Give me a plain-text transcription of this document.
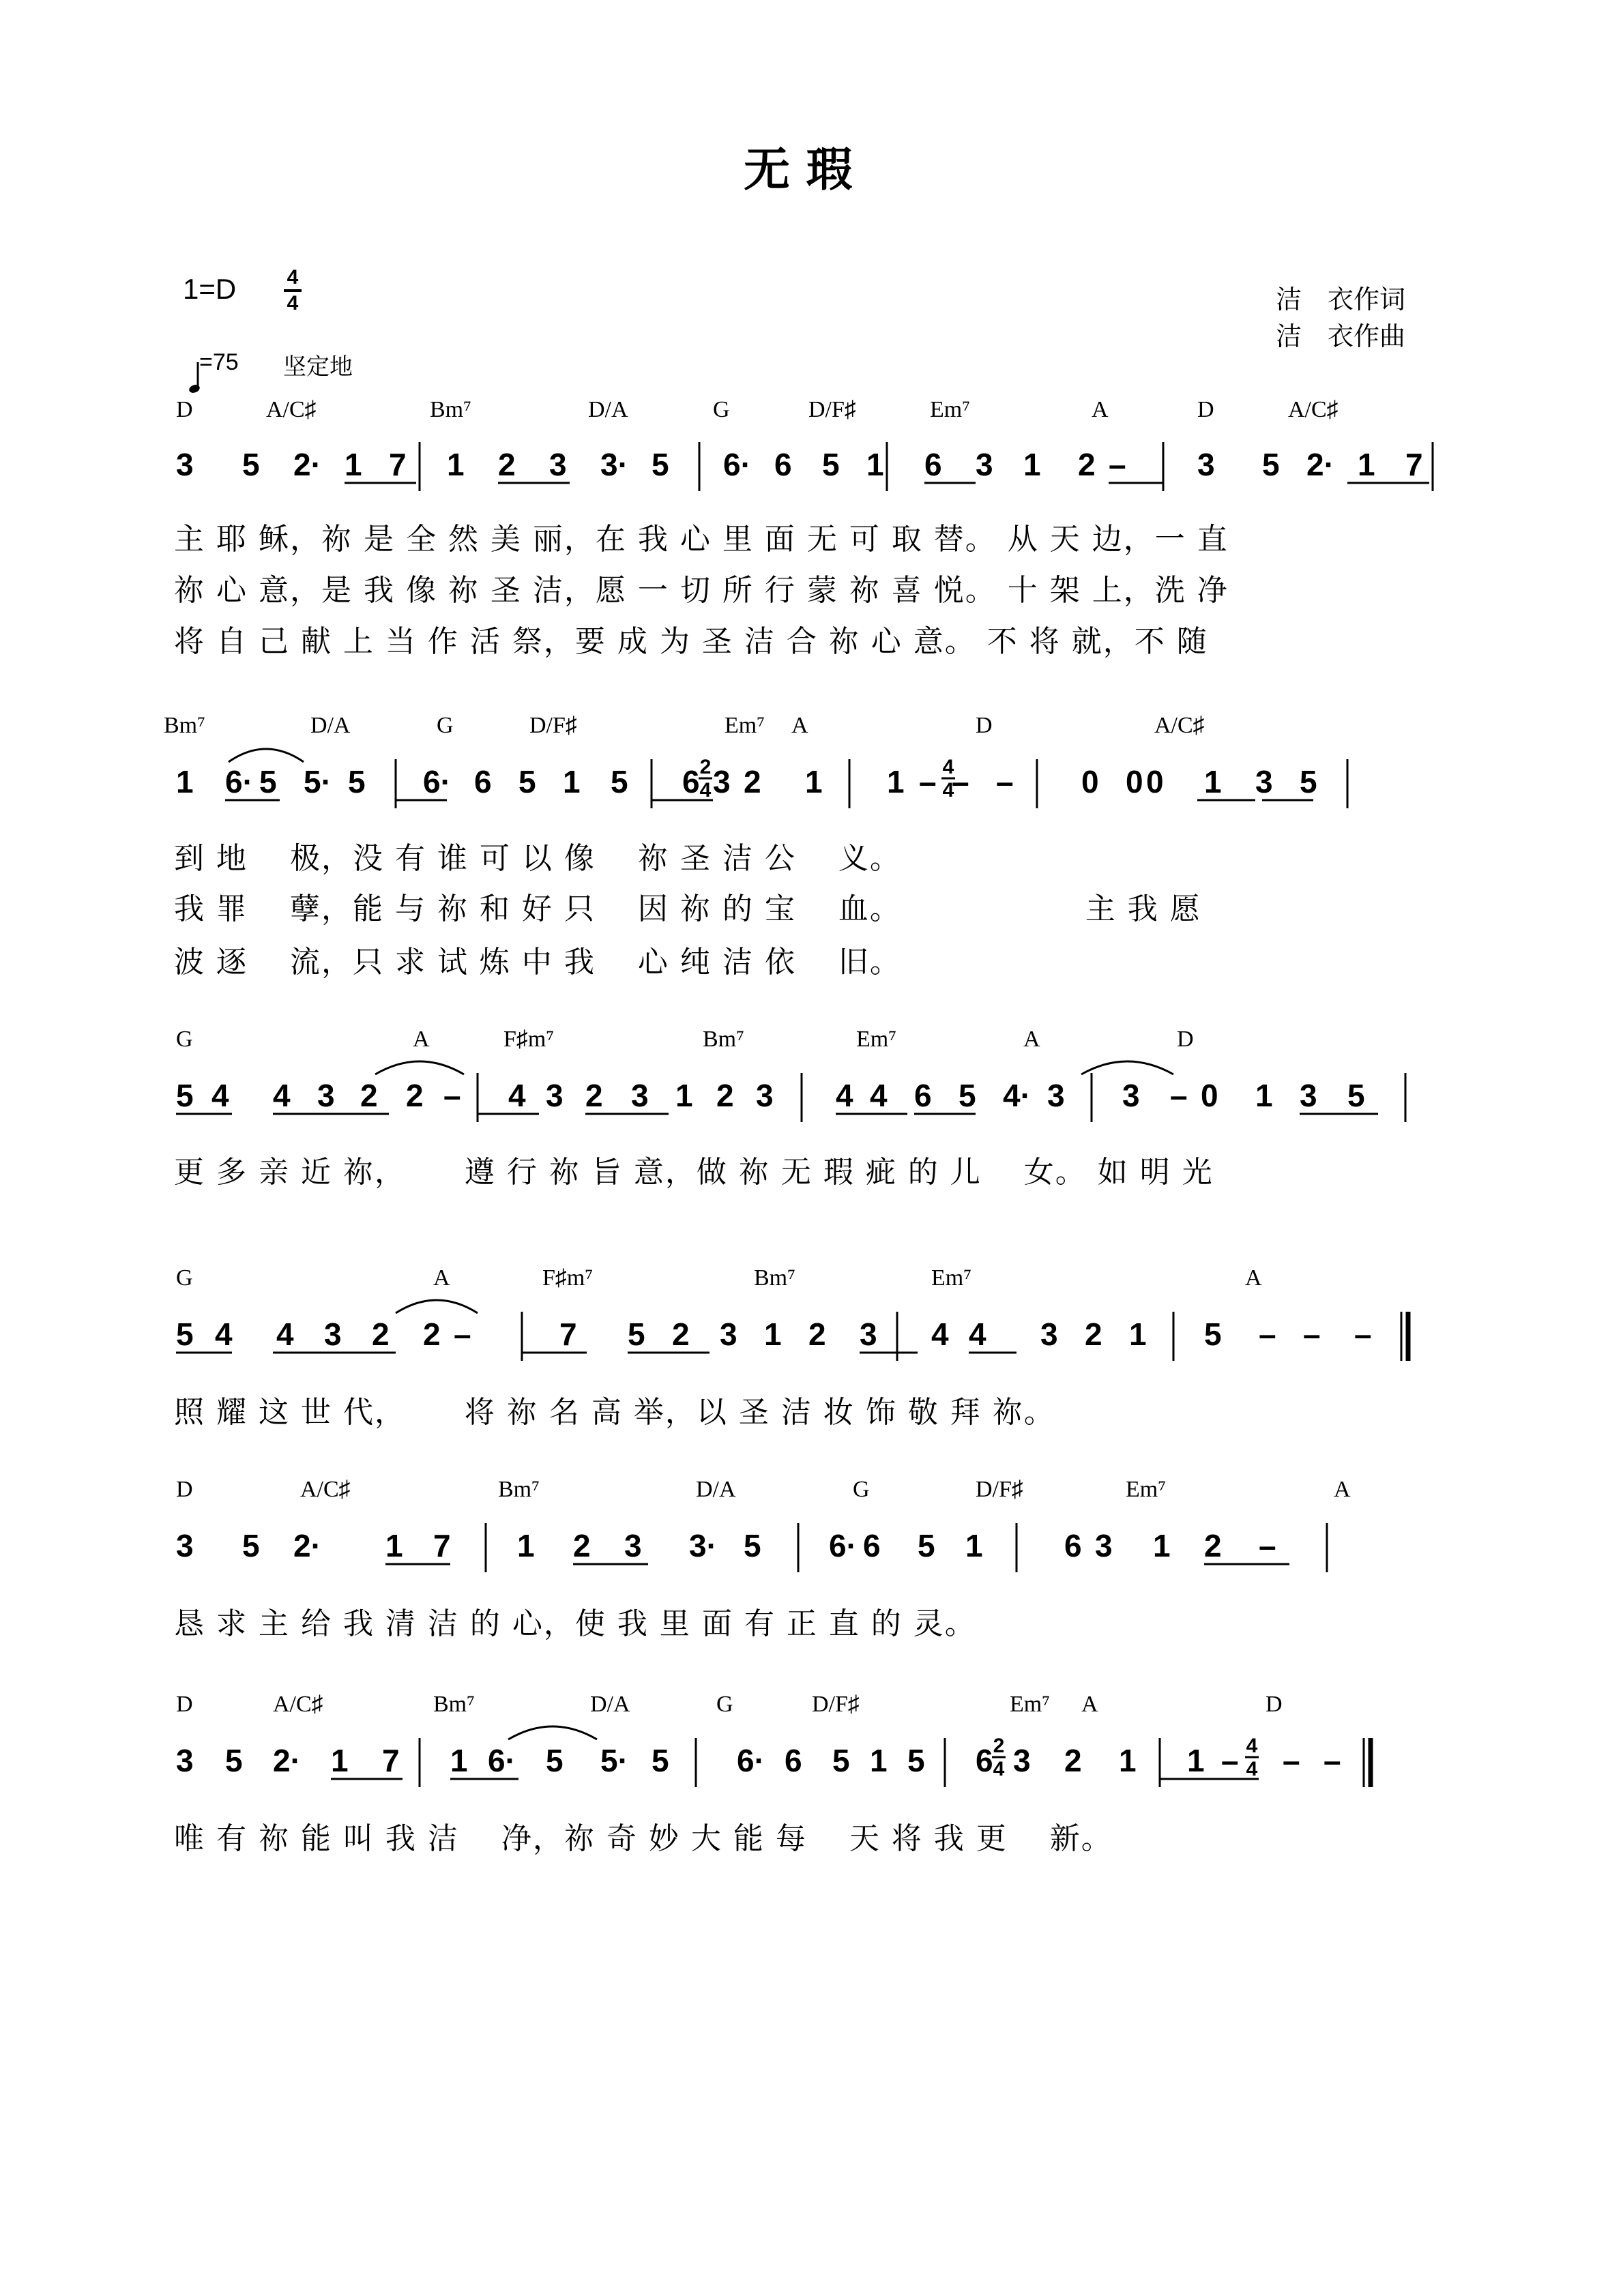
无 瑕
1=D 4
4

=75 坚定地
洁　衣作词
洁　衣作曲
D	A/C♯	Bm⁷	D/A	G	D/F♯	Em⁷	A	D	A/C♯
3 5 2· 1 7 1 2 3 3· 5 6· 6 5 1 6 3 1 2 – 3 5 2· 1 7
主 耶 稣，祢 是 全 然 美 丽，在 我 心 里 面 无 可 取 替。 从 天 边，一 直
祢 心 意，是 我 像 祢 圣 洁，愿 一 切 所 行 蒙 祢 喜 悦。 十 架 上，洗 净
将 自 己 献 上 当 作 活 祭，要 成 为 圣 洁 合 祢 心 意。 不 将 就，不 随
Bm⁷	D/A	G	D/F♯	Em⁷ A	D	A/C♯
1 6· 5 5· 5 6· 6 5 1 5 6 3 2 1 1 – – – 0 0 0 1 3 5
2
4
4
4
到 地　 极，没 有 谁 可 以 像　 祢 圣 洁 公　 义。
我 罪　 孽，能 与 祢 和 好 只　 因 祢 的 宝　 血。　　　　　　 主 我 愿
波 逐　 流，只 求 试 炼 中 我　 心 纯 洁 依　 旧。
G	A	F♯m⁷	Bm⁷	Em⁷	A	D
5 4 4 3 2 2 – 4 3 2 3 1 2 3 4 4 6 5 4· 3 3 – 0 1 3 5
更 多 亲 近 祢，　　 遵 行 祢 旨 意，做 祢 无 瑕 疵 的 儿　 女。 如 明 光
G	A	F♯m⁷	Bm⁷	Em⁷	A
5 4 4 3 2 2 –	7 5 2 3 1 2 3 4 4 3 2 1 5 – – –
照 耀 这 世 代，　　 将 祢 名 高 举，以 圣 洁 妆 饰 敬 拜 祢。
D	A/C♯	Bm⁷	D/A	G	D/F♯	Em⁷	A
3 5 2· 1 7 1 2 3 3· 5 6· 6 5 1	6 3 1 2 –
恳 求 主 给 我 清 洁 的 心，使 我 里 面 有 正 直 的 灵。
D	A/C♯	Bm⁷	D/A	G	D/F♯	Em⁷ A	D
3 5 2· 1 7 1 6· 5 5· 5 6· 6 5 1 5 6 3 2 1 1 – – –
2
4
4
4
唯 有 祢 能 叫 我 洁　 净，祢 奇 妙 大 能 每　 天 将 我 更　 新。
